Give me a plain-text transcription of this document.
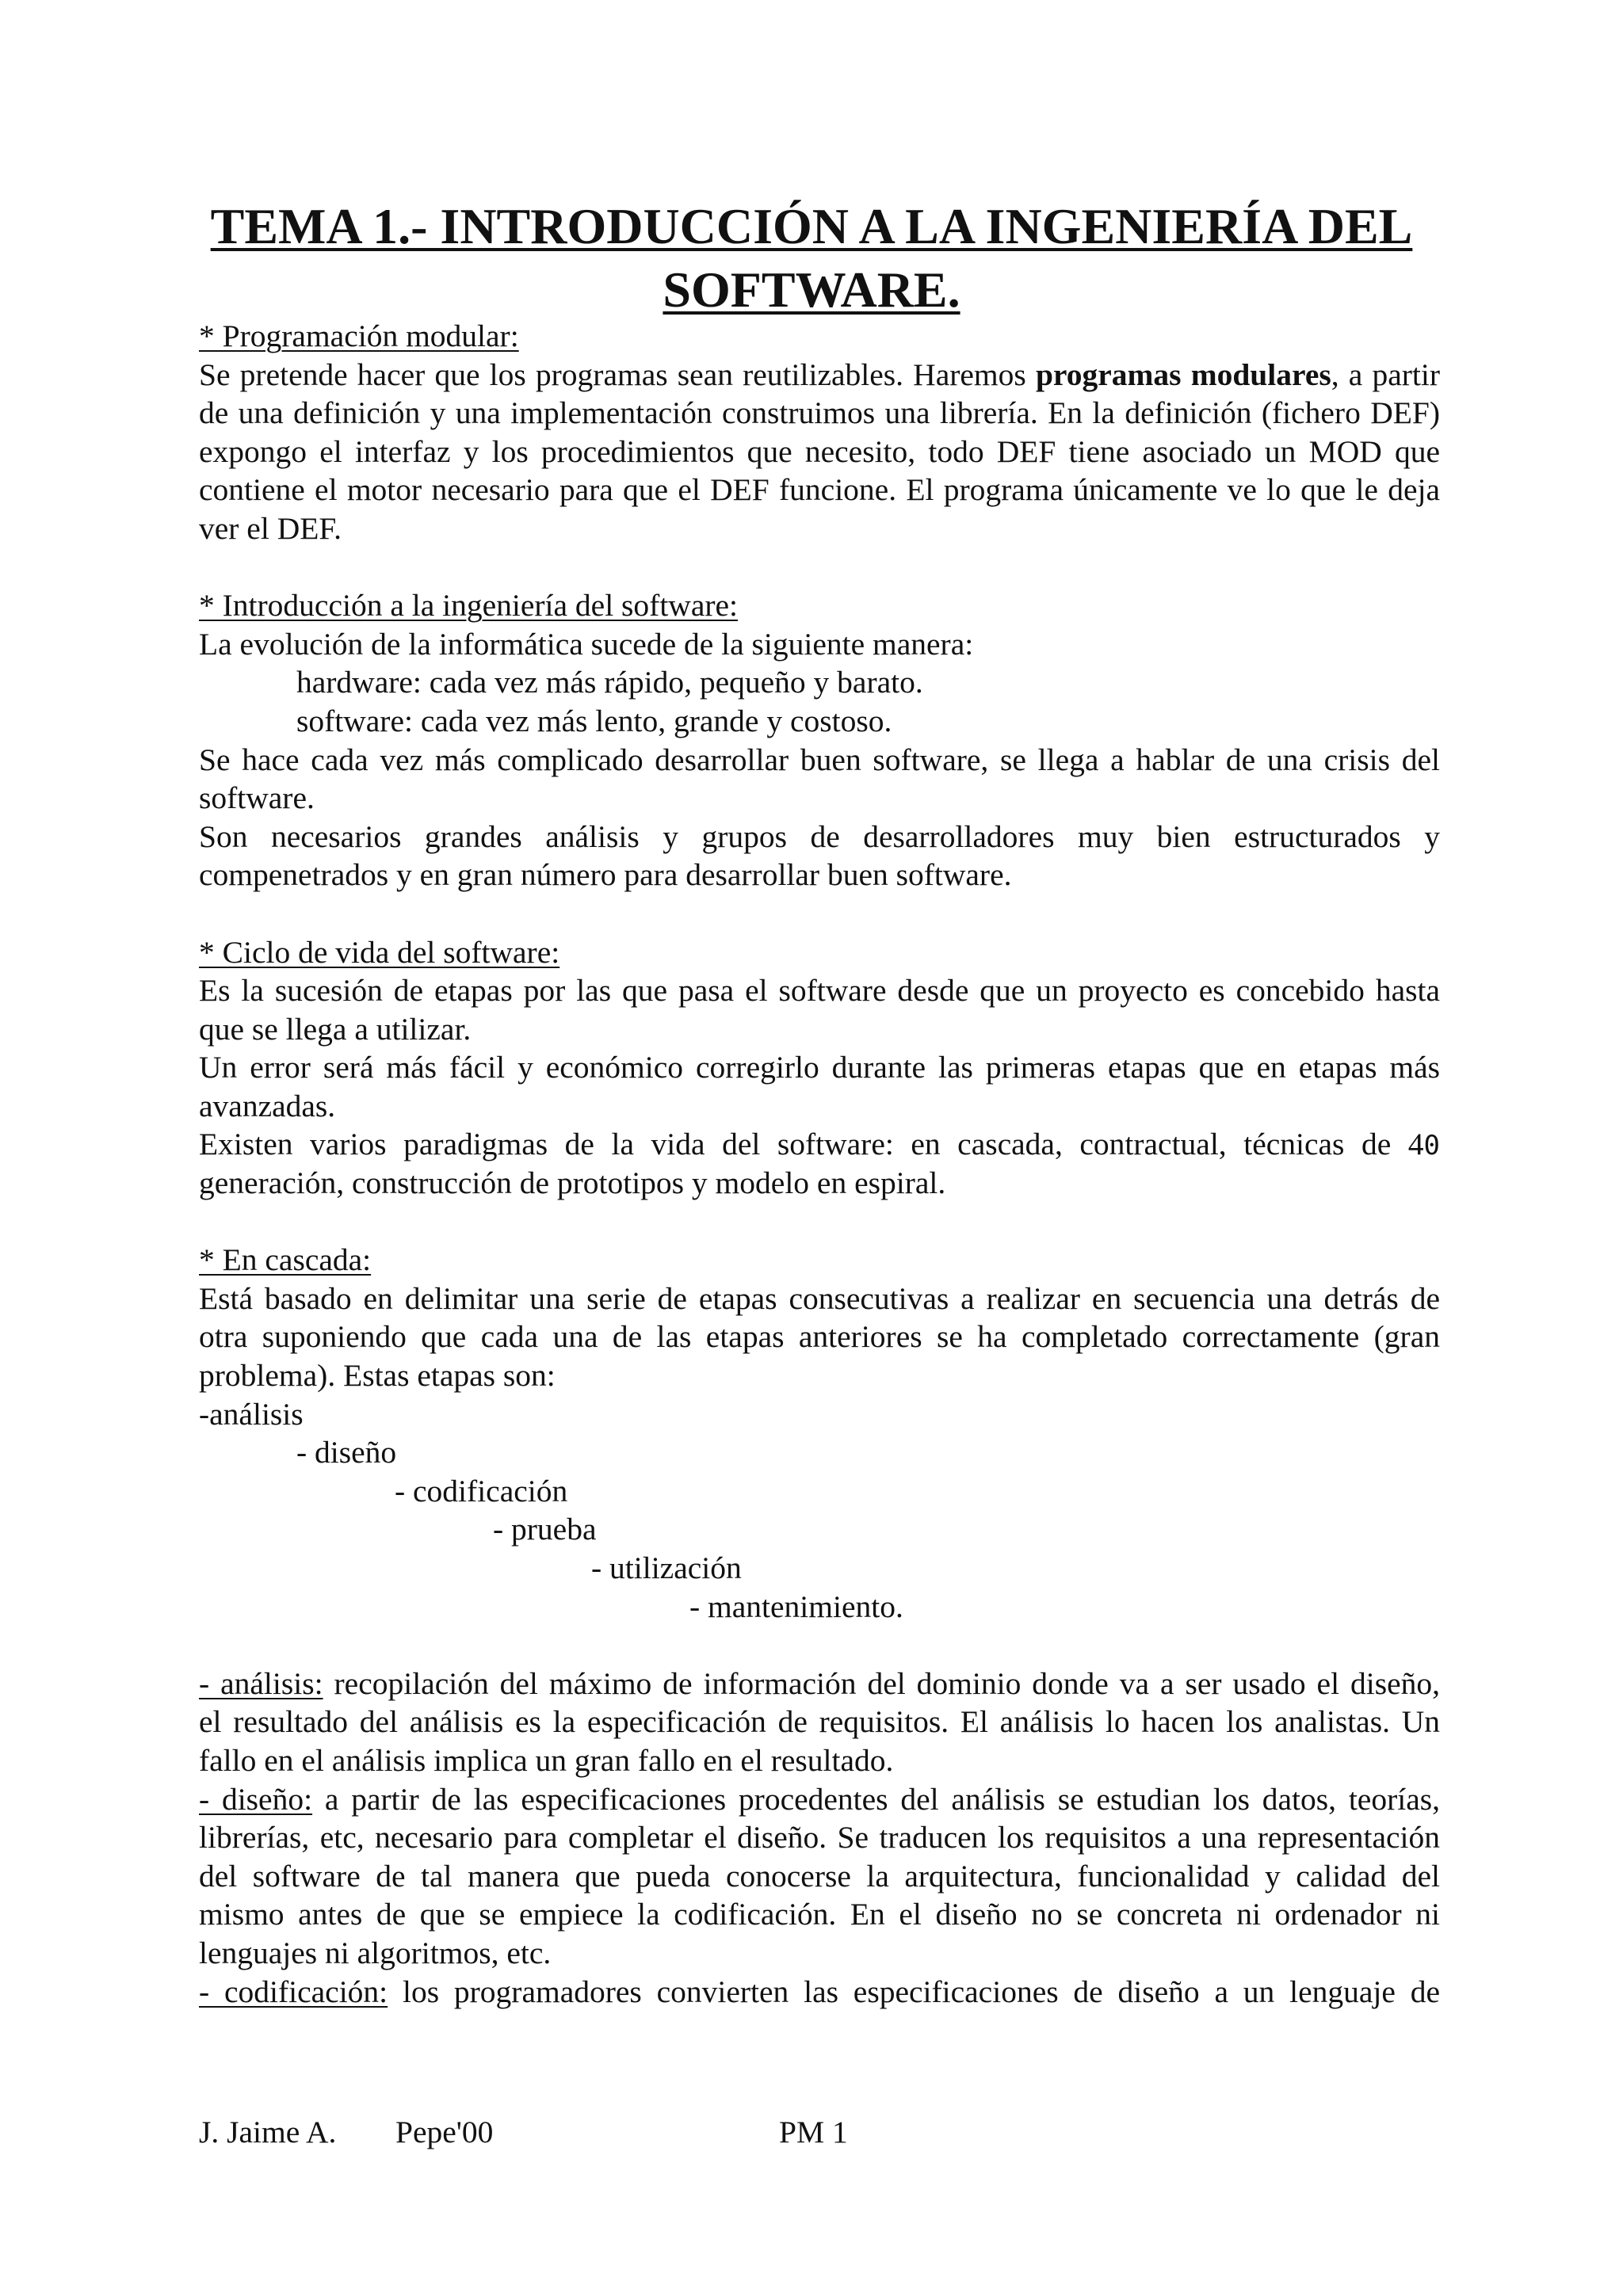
TEMA 1.- INTRODUCCIÓN A LA INGENIERÍA DEL
SOFTWARE.
* Programación modular:
Se pretende hacer que los programas sean reutilizables. Haremos programas modulares, a partir
de una definición y una implementación construimos una librería. En la definición (fichero DEF)
expongo el interfaz y los procedimientos que necesito, todo DEF tiene asociado un MOD que
contiene el motor necesario para que el DEF funcione. El programa únicamente ve lo que le deja
ver el DEF.
* Introducción a la ingeniería del software:
La evolución de la informática sucede de la siguiente manera:
hardware: cada vez más rápido, pequeño y barato.
software: cada vez más lento, grande y costoso.
Se hace cada vez más complicado desarrollar buen software, se llega a hablar de una crisis del
software.
Son necesarios grandes análisis y grupos de desarrolladores muy bien estructurados y
compenetrados y en gran número para desarrollar buen software.
* Ciclo de vida del software:
Es la sucesión de etapas por las que pasa el software desde que un proyecto es concebido hasta
que se llega a utilizar.
Un error será más fácil y económico corregirlo durante las primeras etapas que en etapas más
avanzadas.
Existen varios paradigmas de la vida del software: en cascada, contractual, técnicas de 40
generación, construcción de prototipos y modelo en espiral.
* En cascada:
Está basado en delimitar una serie de etapas consecutivas a realizar en secuencia una detrás de
otra suponiendo que cada una de las etapas anteriores se ha completado correctamente (gran
problema). Estas etapas son:
-análisis
- diseño
- codificación
- prueba
- utilización
- mantenimiento.
- análisis: recopilación del máximo de información del dominio donde va a ser usado el diseño,
el resultado del análisis es la especificación de requisitos. El análisis lo hacen los analistas. Un
fallo en el análisis implica un gran fallo en el resultado.
- diseño: a partir de las especificaciones procedentes del análisis se estudian los datos, teorías,
librerías, etc, necesario para completar el diseño. Se traducen los requisitos a una representación
del software de tal manera que pueda conocerse la arquitectura, funcionalidad y calidad del
mismo antes de que se empiece la codificación. En el diseño no se concreta ni ordenador ni
lenguajes ni algoritmos, etc.
- codificación: los programadores convierten las especificaciones de diseño a un lenguaje de
J. Jaime A. Pepe'00	PM 1
